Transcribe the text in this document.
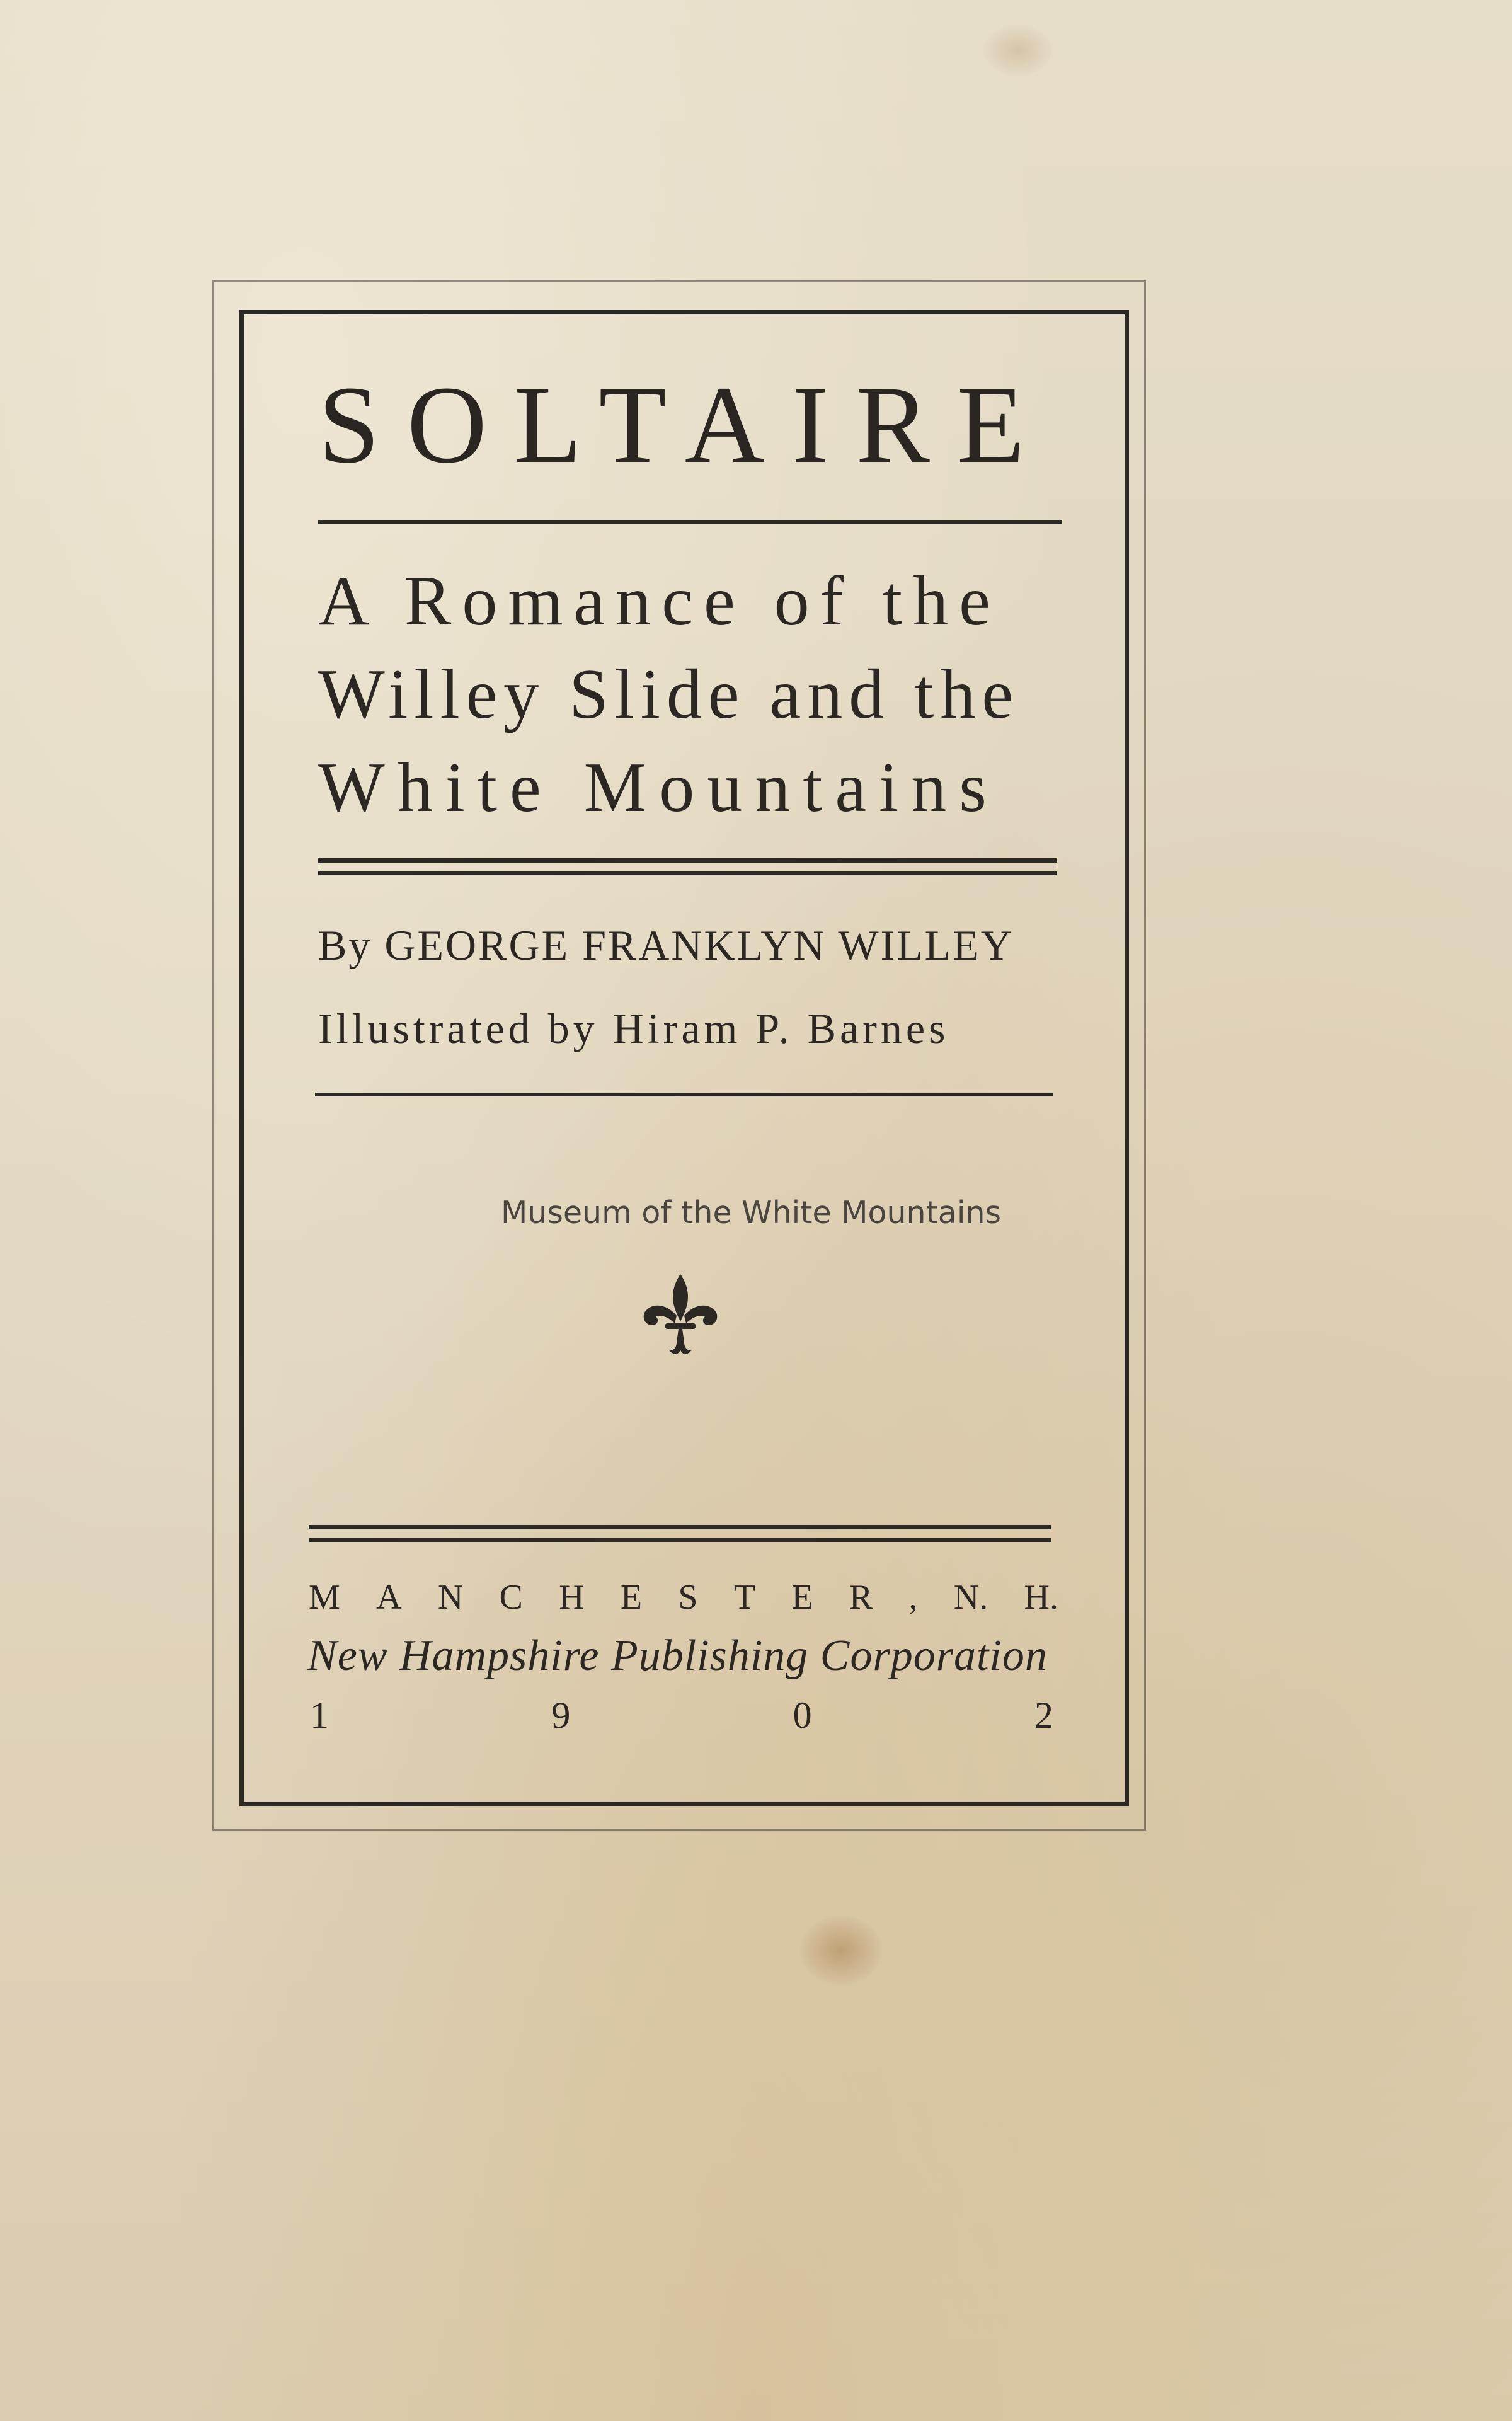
SOLTAIRE
A Romance of the
Willey Slide and the
White Mountains
By GEORGE FRANKLYN WILLEY
Illustrated by Hiram P. Barnes
Museum of the White Mountains
M A N C H E S T E R , N. H.
New Hampshire Publishing Corporation
1	9	0	2
